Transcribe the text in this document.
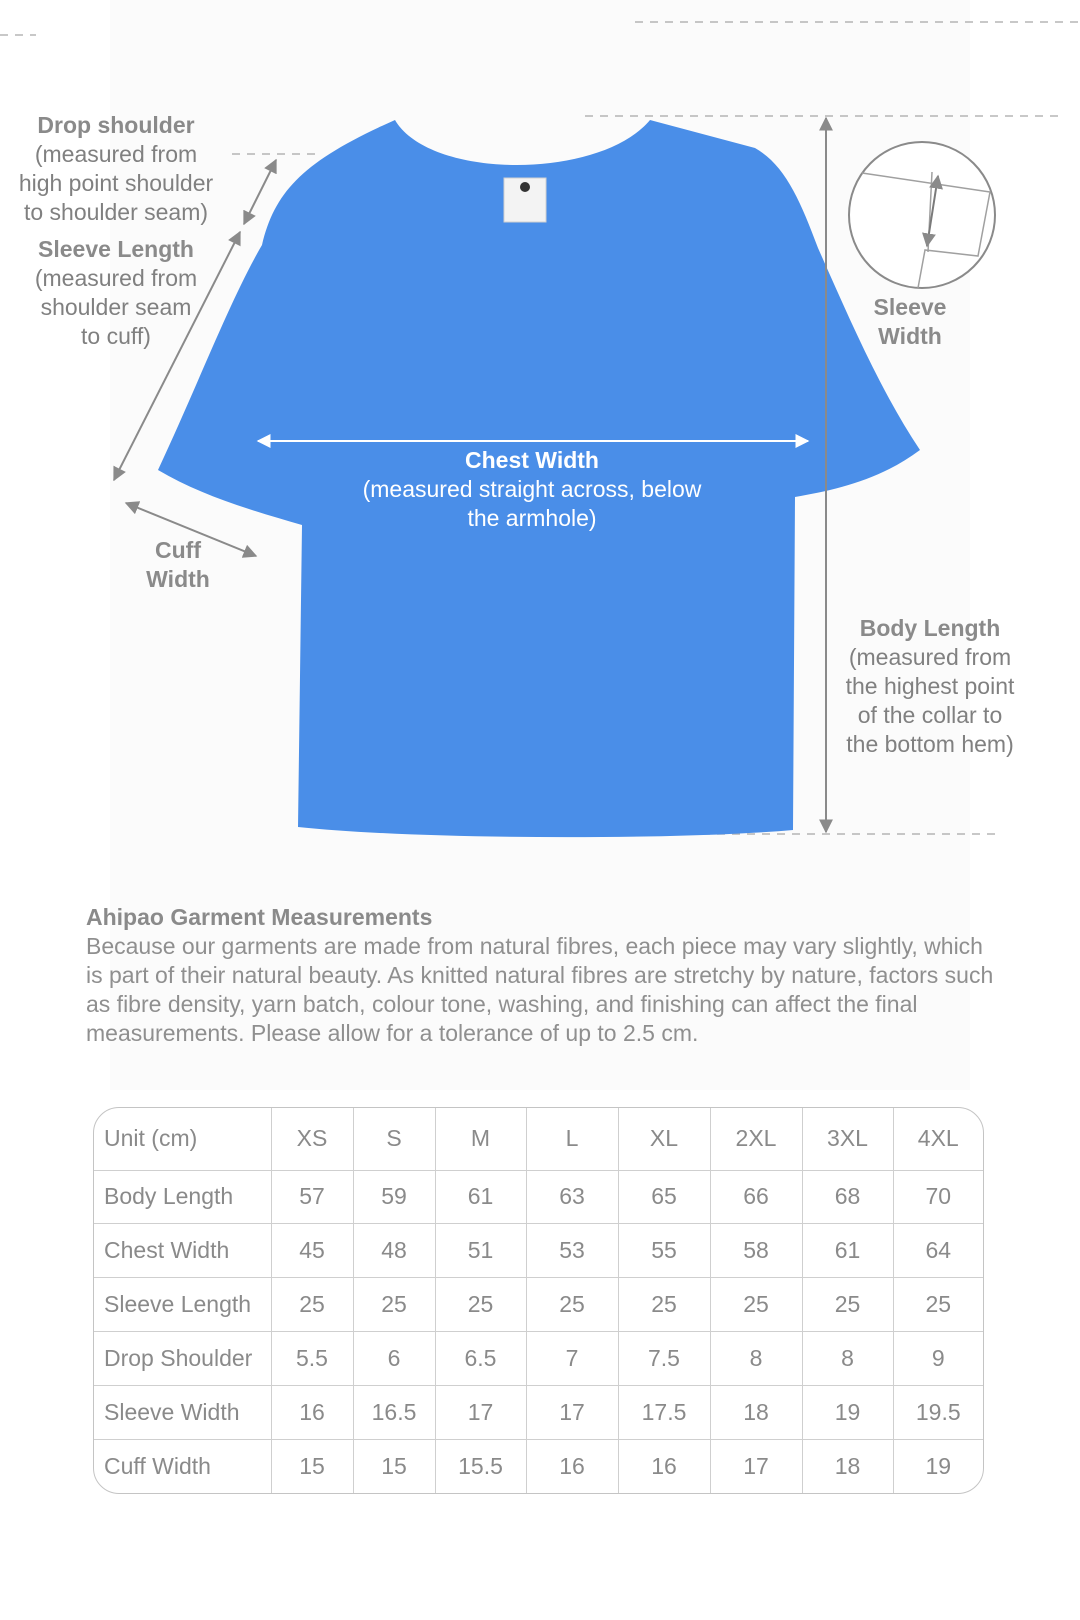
Drop shoulder
(measured from
high point shoulder
to shoulder seam)
Sleeve Length
(measured from
shoulder seam
to cuff)
Sleeve
Width
Chest Width
(measured straight across, below
the armhole)
Cuff
Width
Body Length
(measured from
the highest point
of the collar to
the bottom hem)
Ahipao Garment Measurements

Because our garments are made from natural fibres, each piece may vary slightly, which is part of their natural beauty. As knitted natural fibres are stretchy by nature, factors such as fibre density, yarn batch, colour tone, washing, and finishing can affect the final measurements. Please allow for a tolerance of up to 2.5 cm.

Unit (cm)	XS	S	M	L	XL	2XL	3XL	4XL
Body Length	57	59	61	63	65	66	68	70
Chest Width	45	48	51	53	55	58	61	64
Sleeve Length	25	25	25	25	25	25	25	25
Drop Shoulder	5.5	6	6.5	7	7.5	8	8	9
Sleeve Width	16	16.5	17	17	17.5	18	19	19.5
Cuff Width	15	15	15.5	16	16	17	18	19
